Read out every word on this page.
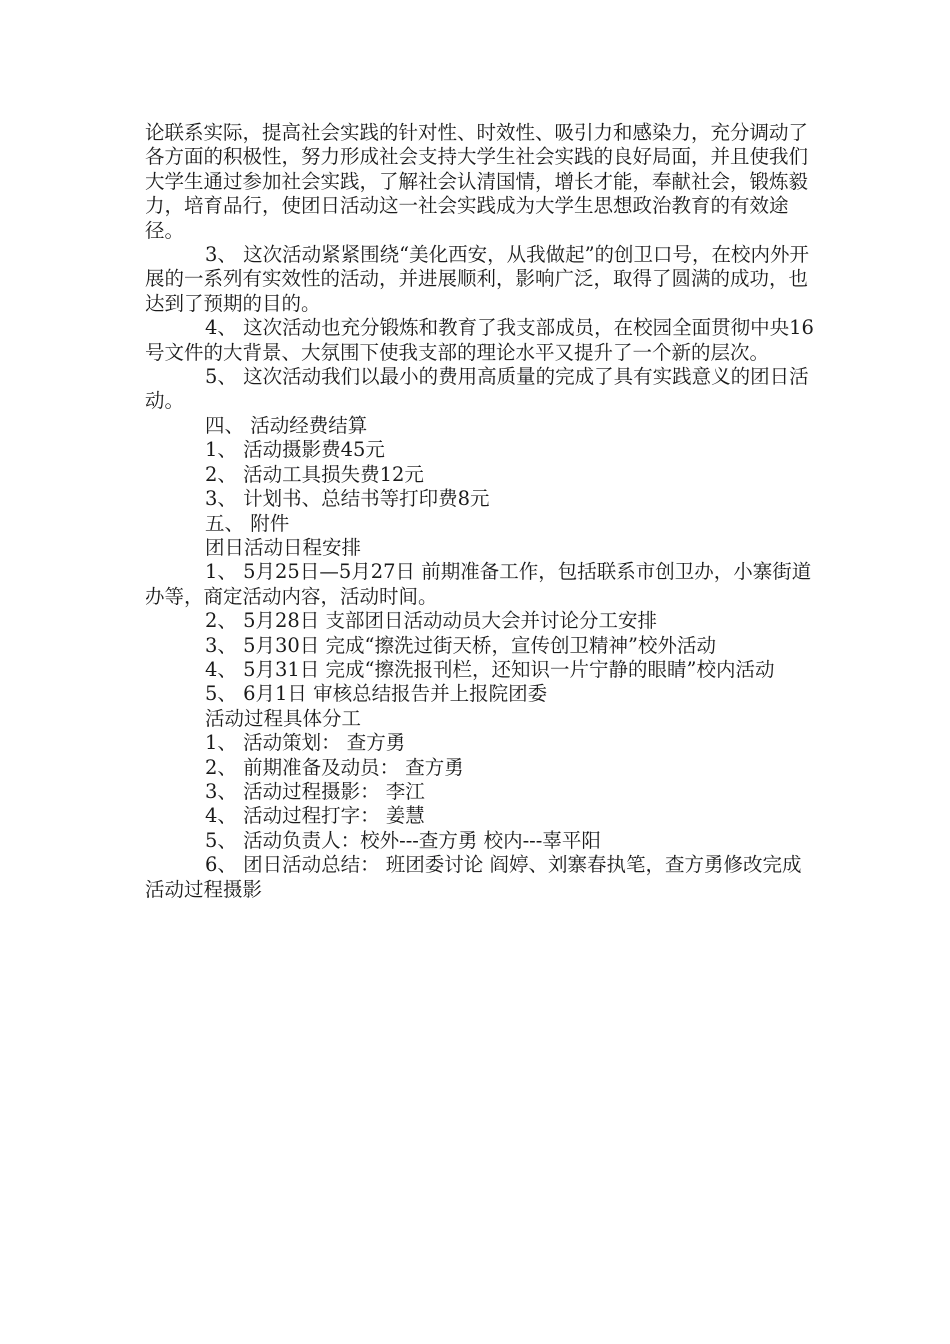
论联系实际，提高社会实践的针对性、时效性、吸引力和感染力，充分调动了各方面的积极性，努力形成社会支持大学生社会实践的良好局面，并且使我们大学生通过参加社会实践，了解社会认清国情，增长才能，奉献社会，锻炼毅力，培育品行，使团日活动这一社会实践成为大学生思想政治教育的有效途径。

3、 这次活动紧紧围绕“美化西安，从我做起”的创卫口号，在校内外开展的一系列有实效性的活动，并进展顺利，影响广泛，取得了圆满的成功，也达到了预期的目的。

4、 这次活动也充分锻炼和教育了我支部成员，在校园全面贯彻中央16号文件的大背景、大氛围下使我支部的理论水平又提升了一个新的层次。

5、 这次活动我们以最小的费用高质量的完成了具有实践意义的团日活动。

四、 活动经费结算

1、 活动摄影费45元

2、 活动工具损失费12元

3、 计划书、总结书等打印费8元

五、 附件

团日活动日程安排

1、 5月25日—5月27日 前期准备工作，包括联系市创卫办，小寨街道办等，商定活动内容，活动时间。

2、 5月28日 支部团日活动动员大会并讨论分工安排

3、 5月30日 完成“擦洗过街天桥，宣传创卫精神”校外活动

4、 5月31日 完成“擦洗报刊栏，还知识一片宁静的眼睛”校内活动

5、 6月1日 审核总结报告并上报院团委

活动过程具体分工

1、 活动策划： 查方勇

2、 前期准备及动员： 查方勇

3、 活动过程摄影： 李江

4、 活动过程打字： 姜慧

5、 活动负责人：校外---查方勇 校内---辜平阳

6、 团日活动总结： 班团委讨论 阎婷、刘寨春执笔，查方勇修改完成活动过程摄影
